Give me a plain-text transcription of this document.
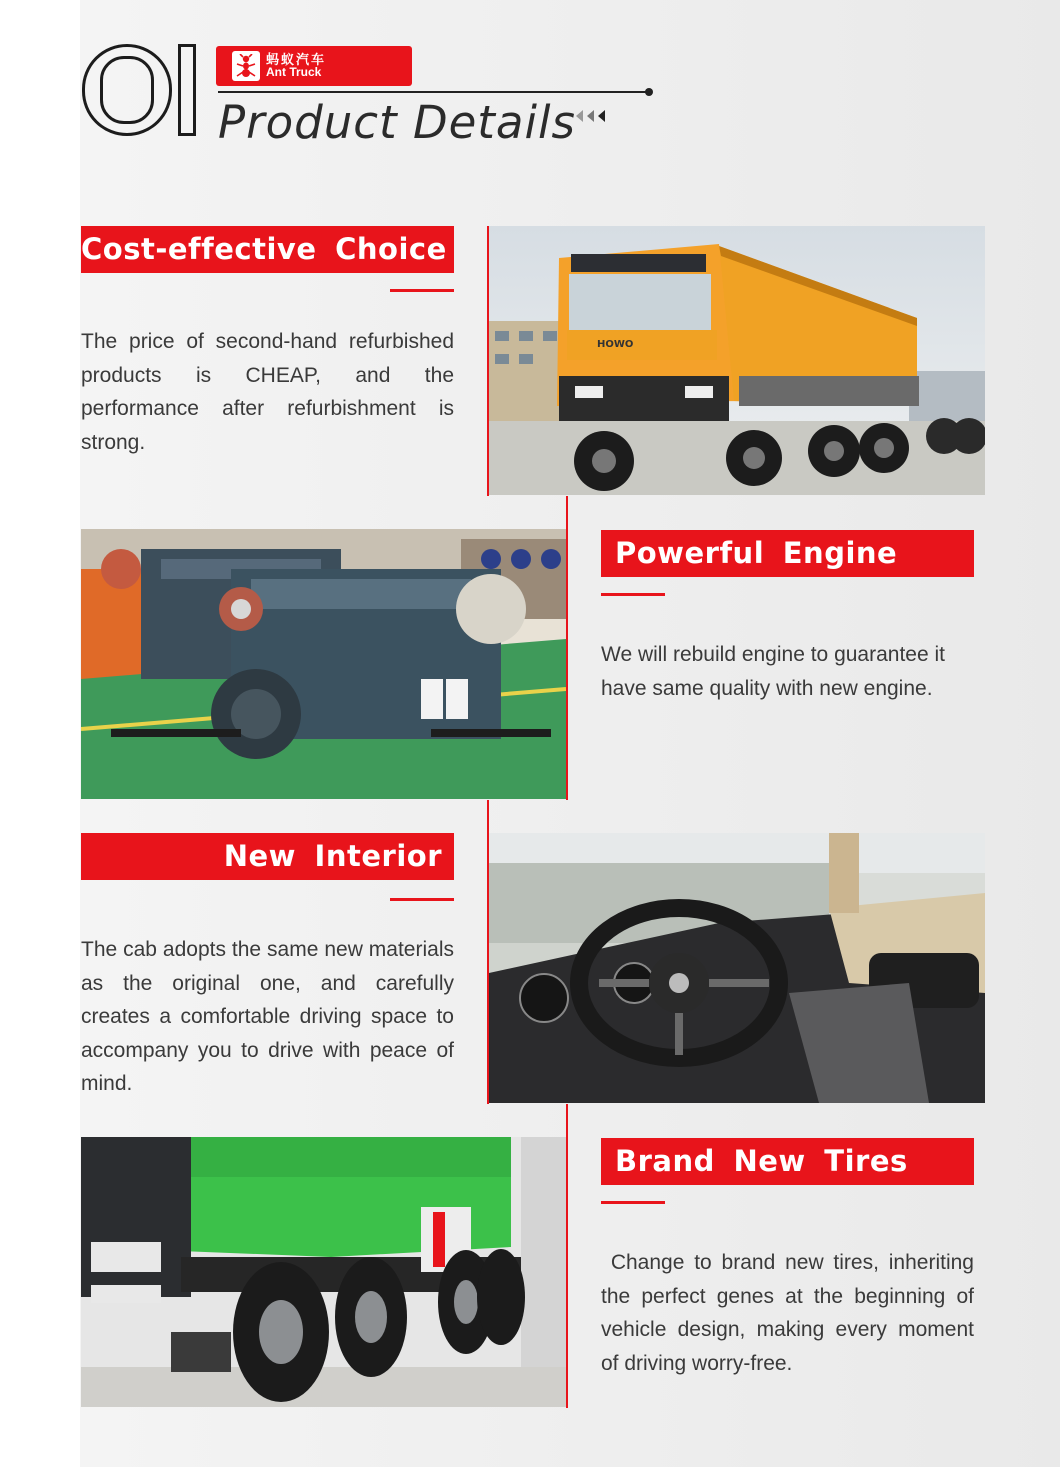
蚂蚁汽车
Ant Truck
Product Details
Cost-effective Choice
The price of second-hand refurbished products is CHEAP, and the performance after refurbishment is strong.
HOWO
Powerful Engine
We will rebuild engine to guarantee it have same quality with new engine.
New Interior
The cab adopts the same new materials as the original one, and carefully creates a comfortable driving space to accompany you to drive with peace of mind.
Brand New Tires
Change to brand new tires, inheriting the perfect genes at the beginning of vehicle design, making every moment of driving worry-free.
